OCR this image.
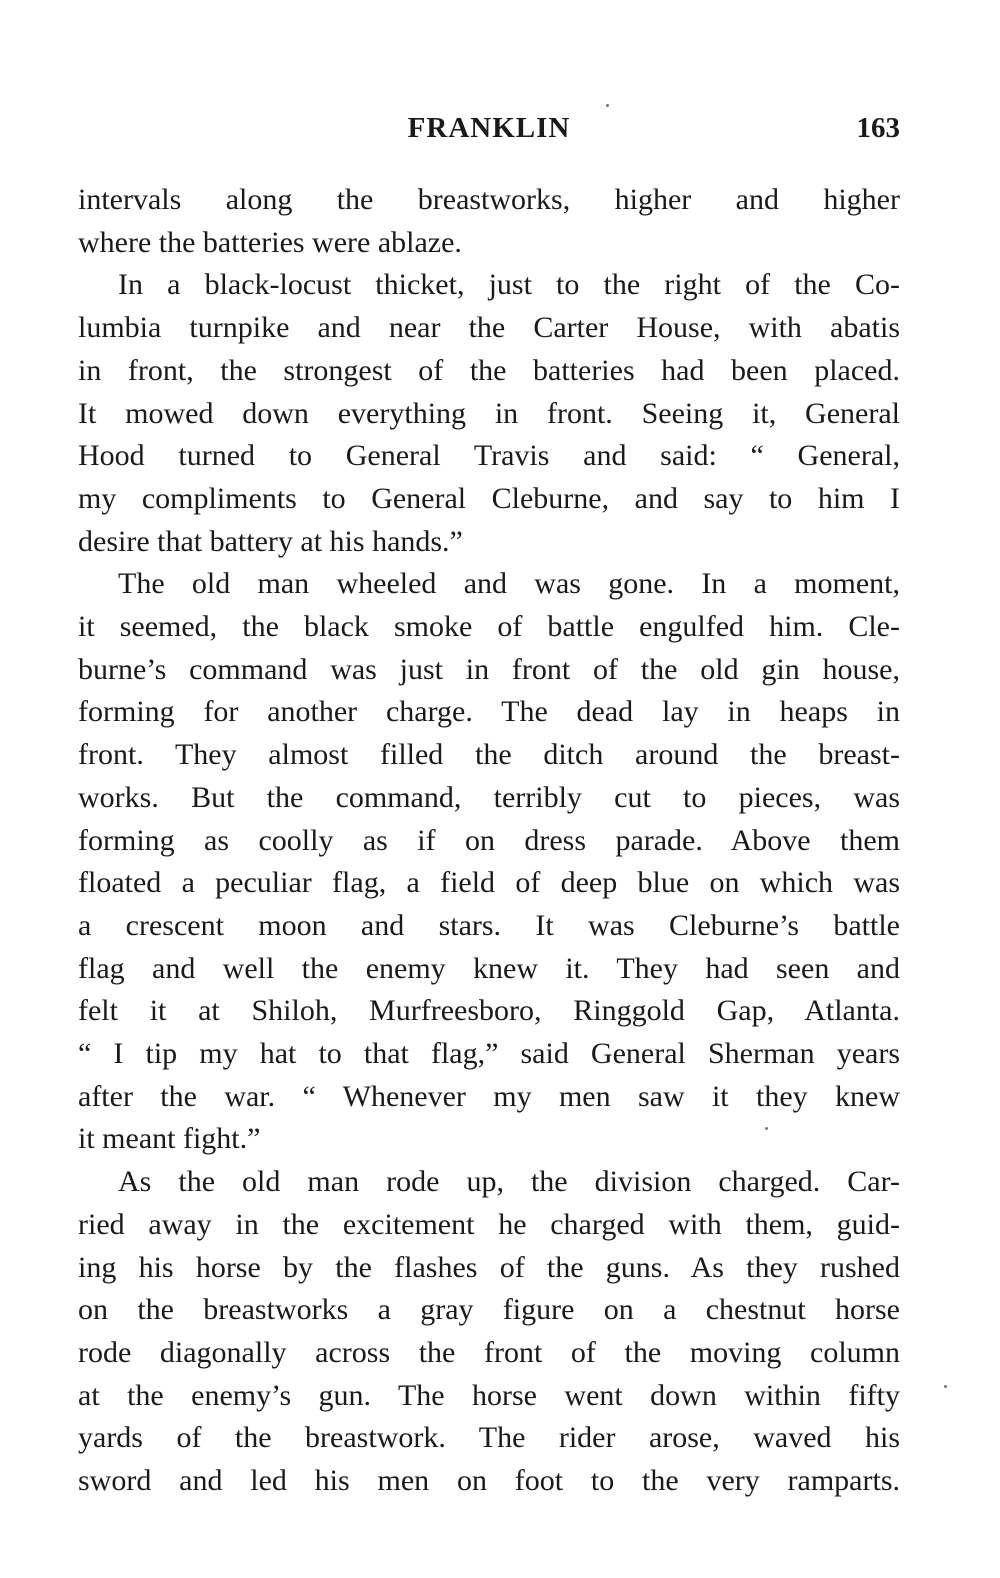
FRANKLIN	163

intervals along the breastworks, higher and higher
where the batteries were ablaze.

In a black-locust thicket, just to the right of the Co-
lumbia turnpike and near the Carter House, with abatis
in front, the strongest of the batteries had been placed.
It mowed down everything in front. Seeing it, General
Hood turned to General Travis and said: “ General,
my compliments to General Cleburne, and say to him I
desire that battery at his hands.”

The old man wheeled and was gone. In a moment,
it seemed, the black smoke of battle engulfed him. Cle-
burne’s command was just in front of the old gin house,
forming for another charge. The dead lay in heaps in
front. They almost filled the ditch around the breast-
works. But the command, terribly cut to pieces, was
forming as coolly as if on dress parade. Above them
floated a peculiar flag, a field of deep blue on which was
a crescent moon and stars. It was Cleburne’s battle
flag and well the enemy knew it. They had seen and
felt it at Shiloh, Murfreesboro, Ringgold Gap, Atlanta.
“ I tip my hat to that flag,” said General Sherman years
after the war. “ Whenever my men saw it they knew
it meant fight.”

As the old man rode up, the division charged. Car-
ried away in the excitement he charged with them, guid-
ing his horse by the flashes of the guns. As they rushed
on the breastworks a gray figure on a chestnut horse
rode diagonally across the front of the moving column
at the enemy’s gun. The horse went down within fifty
yards of the breastwork. The rider arose, waved his
sword and led his men on foot to the very ramparts.
